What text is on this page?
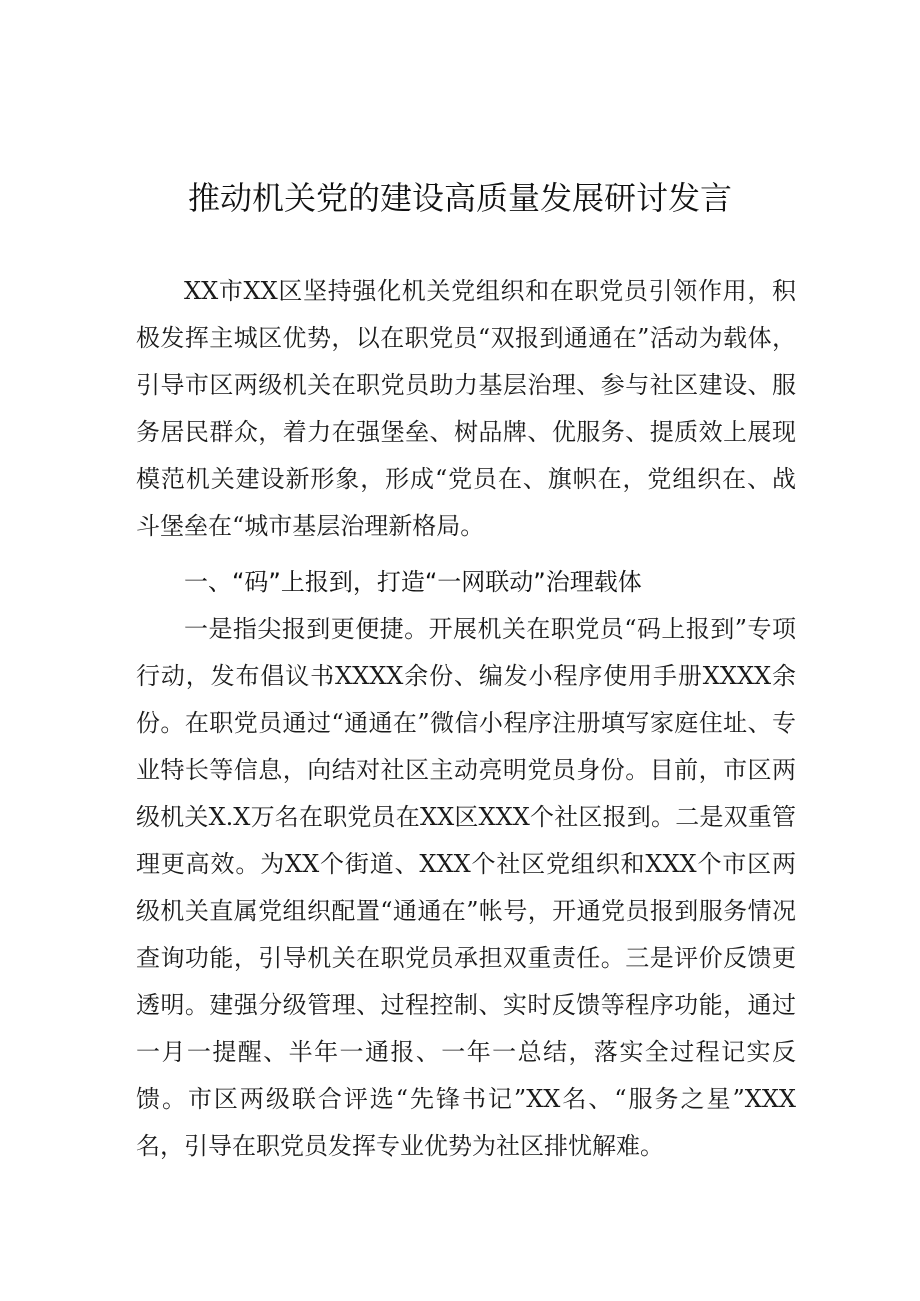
推动机关党的建设高质量发展研讨发言

XX市XX区坚持强化机关党组织和在职党员引领作用，积极发挥主城区优势，以在职党员“双报到通通在”活动为载体，引导市区两级机关在职党员助力基层治理、参与社区建设、服务居民群众，着力在强堡垒、树品牌、优服务、提质效上展现模范机关建设新形象，形成“党员在、旗帜在，党组织在、战斗堡垒在“城市基层治理新格局。

一、“码”上报到，打造“一网联动”治理载体

一是指尖报到更便捷。开展机关在职党员“码上报到”专项行动，发布倡议书XXXX余份、编发小程序使用手册XXXX余份。在职党员通过“通通在”微信小程序注册填写家庭住址、专业特长等信息，向结对社区主动亮明党员身份。目前，市区两级机关X.X万名在职党员在XX区XXX个社区报到。二是双重管理更高效。为XX个街道、XXX个社区党组织和XXX个市区两级机关直属党组织配置“通通在”帐号，开通党员报到服务情况查询功能，引导机关在职党员承担双重责任。三是评价反馈更透明。建强分级管理、过程控制、实时反馈等程序功能，通过一月一提醒、半年一通报、一年一总结，落实全过程记实反馈。市区两级联合评选“先锋书记”XX名、“服务之星”XXX名，引导在职党员发挥专业优势为社区排忧解难。
